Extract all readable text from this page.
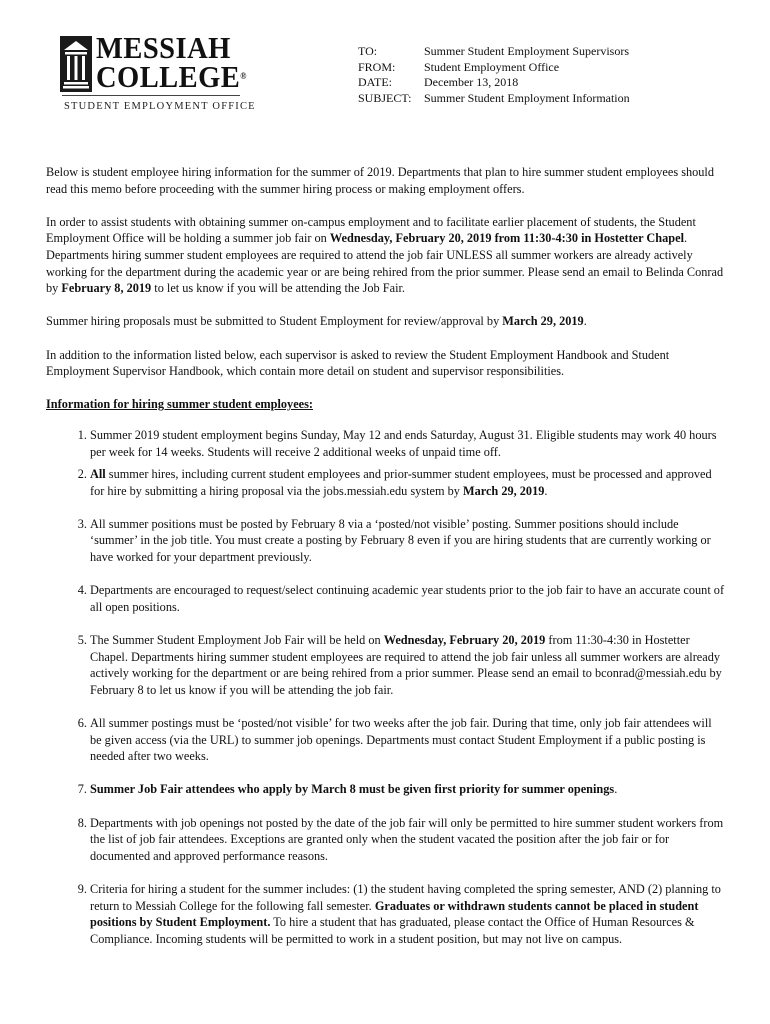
MESSIAH
COLLEGE®
STUDENT EMPLOYMENT OFFICE
TO:	Summer Student Employment Supervisors
FROM:	Student Employment Office
DATE:	December 13, 2018
SUBJECT:	Summer Student Employment Information

Below is student employee hiring information for the summer of 2019. Departments that plan to hire summer student employees should read this memo before proceeding with the summer hiring process or making employment offers.

In order to assist students with obtaining summer on-campus employment and to facilitate earlier placement of students, the Student Employment Office will be holding a summer job fair on Wednesday, February 20, 2019 from 11:30-4:30 in Hostetter Chapel. Departments hiring summer student employees are required to attend the job fair UNLESS all summer workers are already actively working for the department during the academic year or are being rehired from the prior summer. Please send an email to Belinda Conrad by February 8, 2019 to let us know if you will be attending the Job Fair.

Summer hiring proposals must be submitted to Student Employment for review/approval by March 29, 2019.

In addition to the information listed below, each supervisor is asked to review the Student Employment Handbook and Student Employment Supervisor Handbook, which contain more detail on student and supervisor responsibilities.

Information for hiring summer student employees:
1. Summer 2019 student employment begins Sunday, May 12 and ends Saturday, August 31. Eligible students may work 40 hours per week for 14 weeks. Students will receive 2 additional weeks of unpaid time off.
2. All summer hires, including current student employees and prior-summer student employees, must be processed and approved for hire by submitting a hiring proposal via the jobs.messiah.edu system by March 29, 2019.
3. All summer positions must be posted by February 8 via a ‘posted/not visible’ posting. Summer positions should include ‘summer’ in the job title. You must create a posting by February 8 even if you are hiring students that are currently working or have worked for your department previously.
4. Departments are encouraged to request/select continuing academic year students prior to the job fair to have an accurate count of all open positions.
5. The Summer Student Employment Job Fair will be held on Wednesday, February 20, 2019 from 11:30-4:30 in Hostetter Chapel. Departments hiring summer student employees are required to attend the job fair unless all summer workers are already actively working for the department or are being rehired from a prior summer. Please send an email to bconrad@messiah.edu by February 8 to let us know if you will be attending the job fair.
6. All summer postings must be ‘posted/not visible’ for two weeks after the job fair. During that time, only job fair attendees will be given access (via the URL) to summer job openings. Departments must contact Student Employment if a public posting is needed after two weeks.
7. Summer Job Fair attendees who apply by March 8 must be given first priority for summer openings.
8. Departments with job openings not posted by the date of the job fair will only be permitted to hire summer student workers from the list of job fair attendees. Exceptions are granted only when the student vacated the position after the job fair or for documented and approved performance reasons.
9. Criteria for hiring a student for the summer includes: (1) the student having completed the spring semester, AND (2) planning to return to Messiah College for the following fall semester. Graduates or withdrawn students cannot be placed in student positions by Student Employment. To hire a student that has graduated, please contact the Office of Human Resources & Compliance. Incoming students will be permitted to work in a student position, but may not live on campus.
